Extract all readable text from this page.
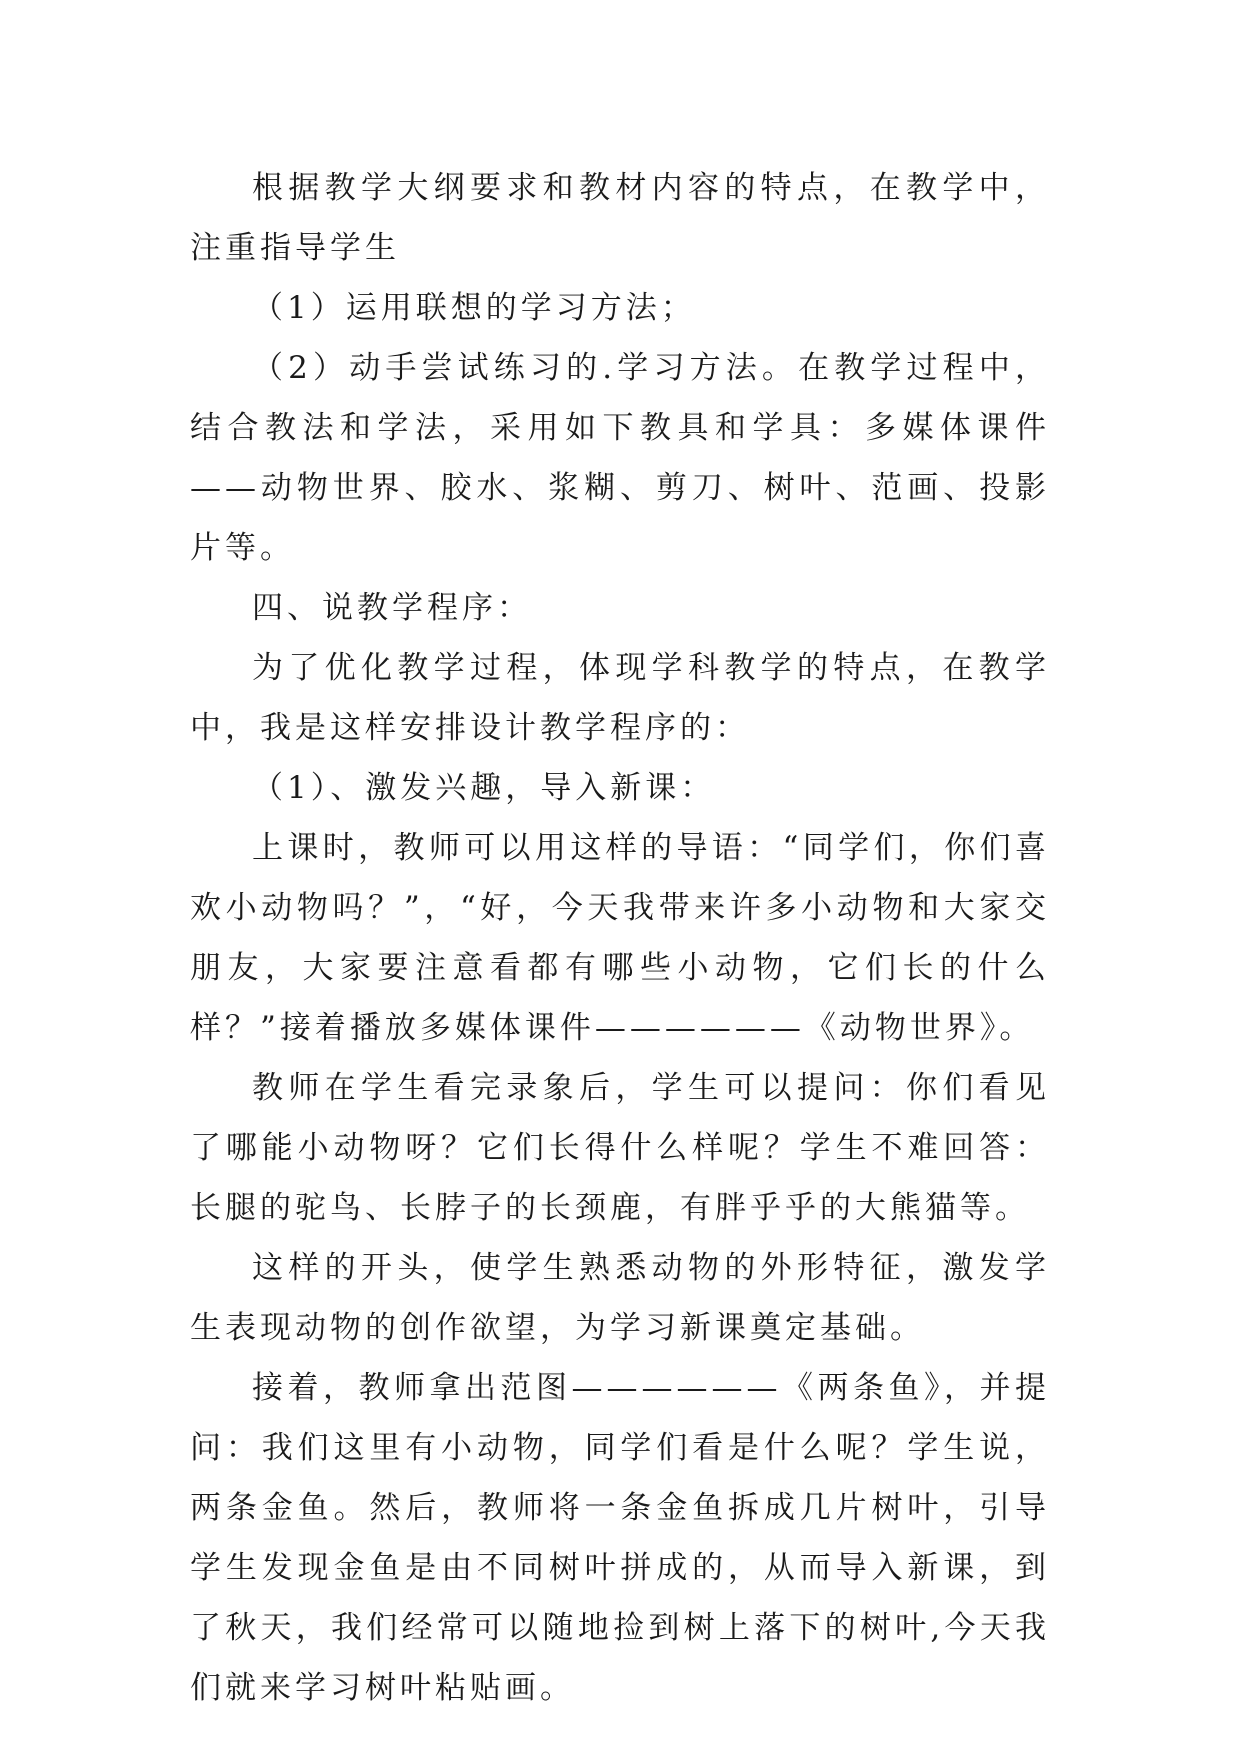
根据教学大纲要求和教材内容的特点，在教学中，注重指导学生

（1）运用联想的学习方法；

（2）动手尝试练习的.学习方法。在教学过程中，结合教法和学法，采用如下教具和学具：多媒体课件——动物世界、胶水、浆糊、剪刀、树叶、范画、投影片等。

四、说教学程序：

为了优化教学过程，体现学科教学的特点，在教学中，我是这样安排设计教学程序的：

（1）、激发兴趣，导入新课：

上课时，教师可以用这样的导语：“同学们，你们喜欢小动物吗？”，“好，今天我带来许多小动物和大家交朋友，大家要注意看都有哪些小动物，它们长的什么样？”接着播放多媒体课件——————《动物世界》。

教师在学生看完录象后，学生可以提问：你们看见了哪能小动物呀？它们长得什么样呢？学生不难回答：长腿的驼鸟、长脖子的长颈鹿，有胖乎乎的大熊猫等。

这样的开头，使学生熟悉动物的外形特征，激发学生表现动物的创作欲望，为学习新课奠定基础。

接着，教师拿出范图——————《两条鱼》，并提问：我们这里有小动物，同学们看是什么呢？学生说，两条金鱼。然后，教师将一条金鱼拆成几片树叶，引导学生发现金鱼是由不同树叶拼成的，从而导入新课，到了秋天，我们经常可以随地捡到树上落下的树叶,今天我们就来学习树叶粘贴画。
